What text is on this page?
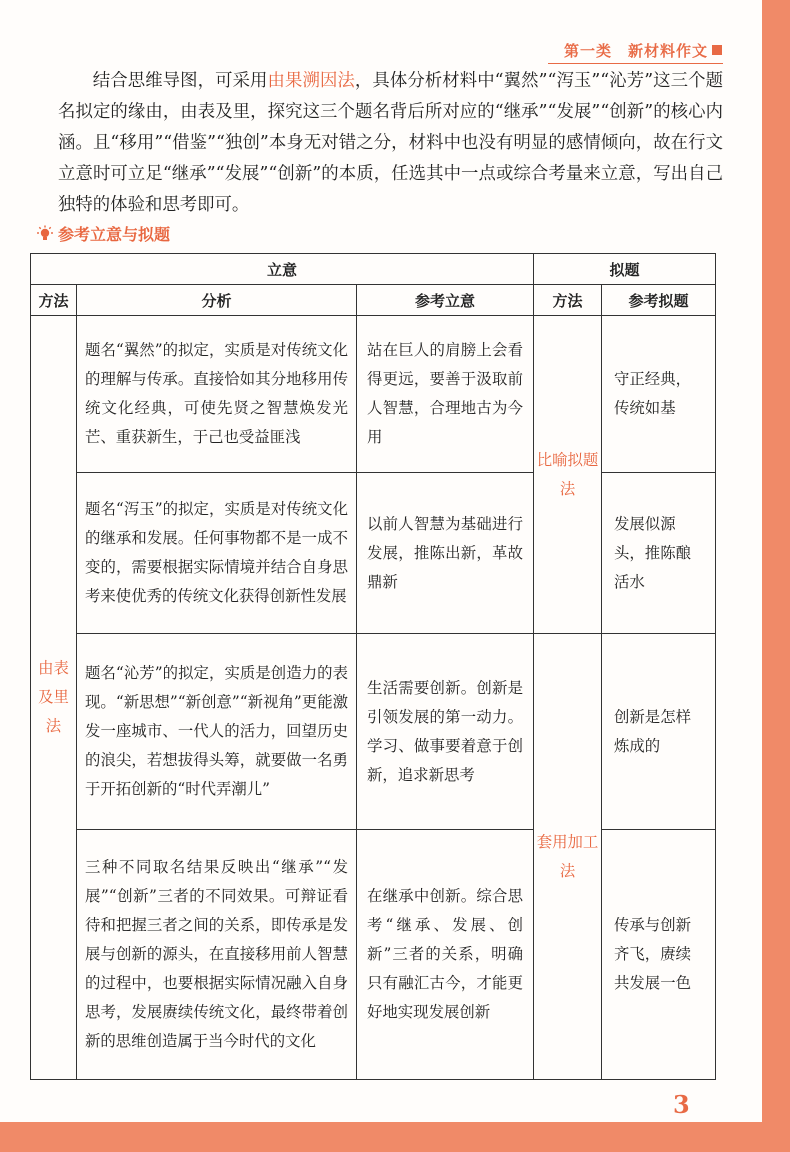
第一类　新材料作文

结合思维导图，可采用由果溯因法，具体分析材料中“翼然”“泻玉”“沁芳”这三个题名拟定的缘由，由表及里，探究这三个题名背后所对应的“继承”“发展”“创新”的核心内涵。且“移用”“借鉴”“独创”本身无对错之分，材料中也没有明显的感情倾向，故在行文立意时可立足“继承”“发展”“创新”的本质，任选其中一点或综合考量来立意，写出自己独特的体验和思考即可。

参考立意与拟题
立意			拟题	
方法	分析	参考立意	方法	参考拟题
由表及里法	题名“翼然”的拟定，实质是对传统文化的理解与传承。直接恰如其分地移用传统文化经典，可使先贤之智慧焕发光芒、重获新生，于己也受益匪浅	站在巨人的肩膀上会看得更远，要善于汲取前人智慧，合理地古为今用	比喻拟题法	守正经典，传统如基
	题名“泻玉”的拟定，实质是对传统文化的继承和发展。任何事物都不是一成不变的，需要根据实际情境并结合自身思考来使优秀的传统文化获得创新性发展	以前人智慧为基础进行发展，推陈出新，革故鼎新		发展似源头，推陈酿活水
	题名“沁芳”的拟定，实质是创造力的表现。“新思想”“新创意”“新视角”更能激发一座城市、一代人的活力，回望历史的浪尖，若想拔得头筹，就要做一名勇于开拓创新的“时代弄潮儿”	生活需要创新。创新是引领发展的第一动力。学习、做事要着意于创新，追求新思考	套用加工法	创新是怎样炼成的
	三种不同取名结果反映出“继承”“发展”“创新”三者的不同效果。可辩证看待和把握三者之间的关系，即传承是发展与创新的源头，在直接移用前人智慧的过程中，也要根据实际情况融入自身思考，发展赓续传统文化，最终带着创新的思维创造属于当今时代的文化	在继承中创新。综合思考“继承、发展、创新”三者的关系，明确只有融汇古今，才能更好地实现发展创新		传承与创新齐飞，赓续共发展一色
3
